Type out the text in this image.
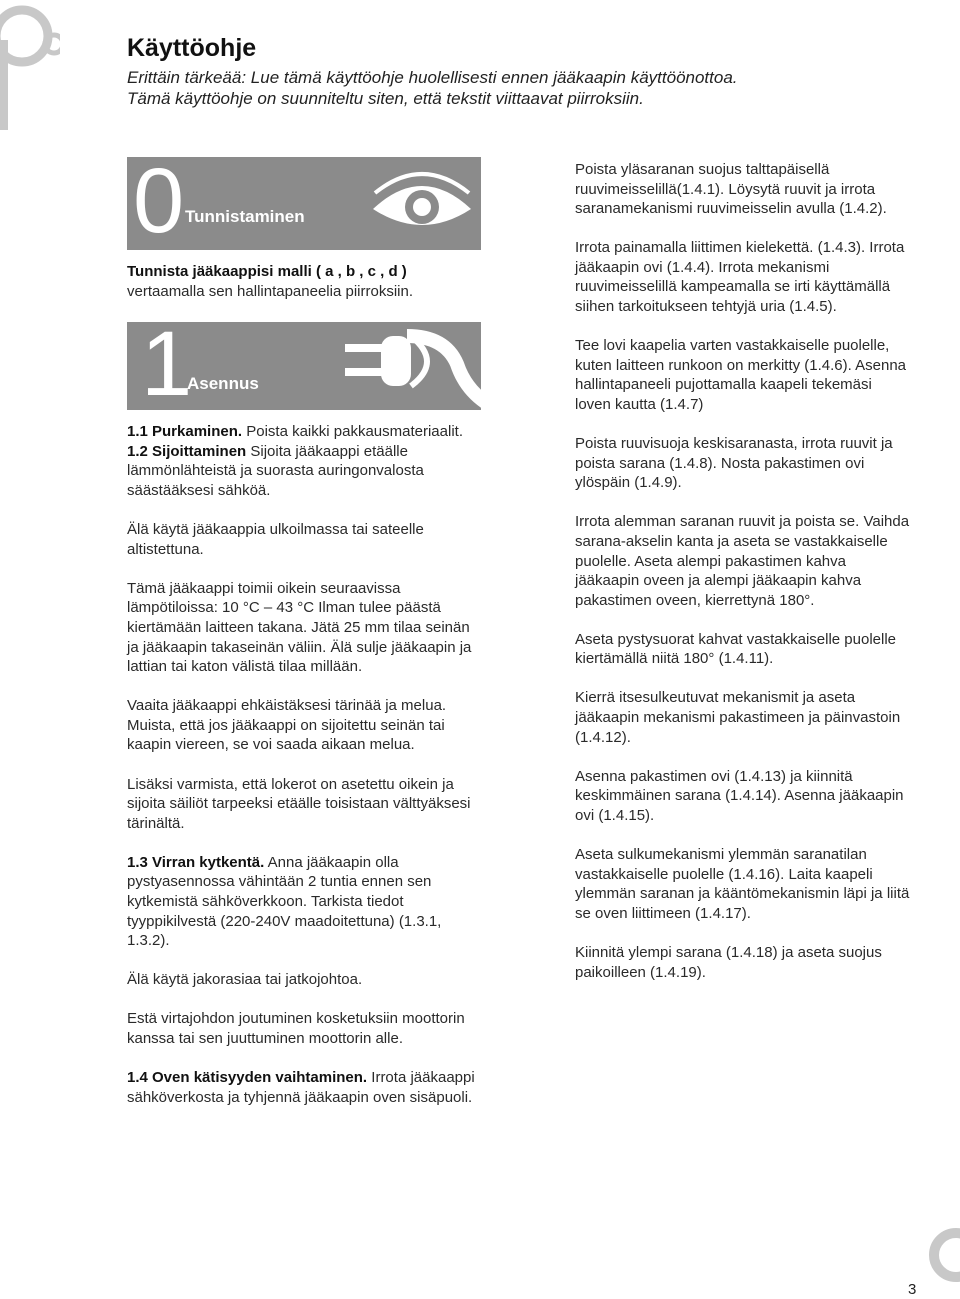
Käyttöohje

Erittäin tärkeää: Lue tämä käyttöohje huolellisesti ennen jääkaapin käyttöönottoa.

Tämä käyttöohje on suunniteltu siten, että tekstit viittaavat piirroksiin.

0 Tunnistaminen

Tunnista jääkaappisi malli ( a , b , c , d ) vertaamalla sen hallintapaneelia piirroksiin.

1
Asennus

1.1 Purkaminen. Poista kaikki pakkausmateriaalit.

1.2 Sijoittaminen Sijoita jääkaappi etäälle lämmönlähteistä ja suorasta auringonvalosta säästääksesi sähköä.

Älä käytä jääkaappia ulkoilmassa tai sateelle altistettuna.

Tämä jääkaappi toimii oikein seuraavissa lämpötiloissa: 10 °C – 43 °C Ilman tulee päästä kiertämään laitteen takana. Jätä 25 mm tilaa seinän ja jääkaapin takaseinän väliin. Älä sulje jääkaapin ja lattian tai katon välistä tilaa millään.

Vaaita jääkaappi ehkäistäksesi tärinää ja melua. Muista, että jos jääkaappi on sijoitettu seinän tai kaapin viereen, se voi saada aikaan melua.

Lisäksi varmista, että lokerot on asetettu oikein ja sijoita säiliöt tarpeeksi etäälle toisistaan välttyäksesi tärinältä.

1.3 Virran kytkentä. Anna jääkaapin olla pystyasennossa vähintään 2 tuntia ennen sen kytkemistä sähköverkkoon. Tarkista tiedot tyyppikilvestä (220-240V maadoitettuna) (1.3.1, 1.3.2).

Älä käytä jakorasiaa tai jatkojohtoa.

Estä virtajohdon joutuminen kosketuksiin moottorin kanssa tai sen juuttuminen moottorin alle.

1.4 Oven kätisyyden vaihtaminen. Irrota jääkaappi sähköverkosta ja tyhjennä jääkaapin oven sisäpuoli.

Poista yläsaranan suojus talttapäisellä ruuvimeisselillä(1.4.1). Löysytä ruuvit ja irrota saranamekanismi ruuvimeisselin avulla (1.4.2).

Irrota painamalla liittimen kielekettä. (1.4.3). Irrota jääkaapin ovi (1.4.4). Irrota mekanismi ruuvimeisselillä kampeamalla se irti käyttämällä siihen tarkoitukseen tehtyjä uria (1.4.5).

Tee lovi kaapelia varten vastakkaiselle puolelle, kuten laitteen runkoon on merkitty (1.4.6). Asenna hallintapaneeli pujottamalla kaapeli tekemäsi loven kautta (1.4.7)

Poista ruuvisuoja keskisaranasta, irrota ruuvit ja poista sarana (1.4.8). Nosta pakastimen ovi ylöspäin (1.4.9).

Irrota alemman saranan ruuvit ja poista se. Vaihda sarana-akselin kanta ja aseta se vastakkaiselle puolelle. Aseta alempi pakastimen kahva jääkaapin oveen ja alempi jääkaapin kahva pakastimen oveen, kierrettynä 180°.

Aseta pystysuorat kahvat vastakkaiselle puolelle kiertämällä niitä 180° (1.4.11).

Kierrä itsesulkeutuvat mekanismit ja aseta jääkaapin mekanismi pakastimeen ja päinvastoin (1.4.12).

Asenna pakastimen ovi (1.4.13) ja kiinnitä keskimmäinen sarana (1.4.14). Asenna jääkaapin ovi (1.4.15).

Aseta sulkumekanismi ylemmän saranatilan vastakkaiselle puolelle (1.4.16). Laita kaapeli ylemmän saranan ja kääntömekanismin läpi ja liitä se oven liittimeen (1.4.17).

Kiinnitä ylempi sarana (1.4.18) ja aseta suojus paikoilleen (1.4.19).

3
